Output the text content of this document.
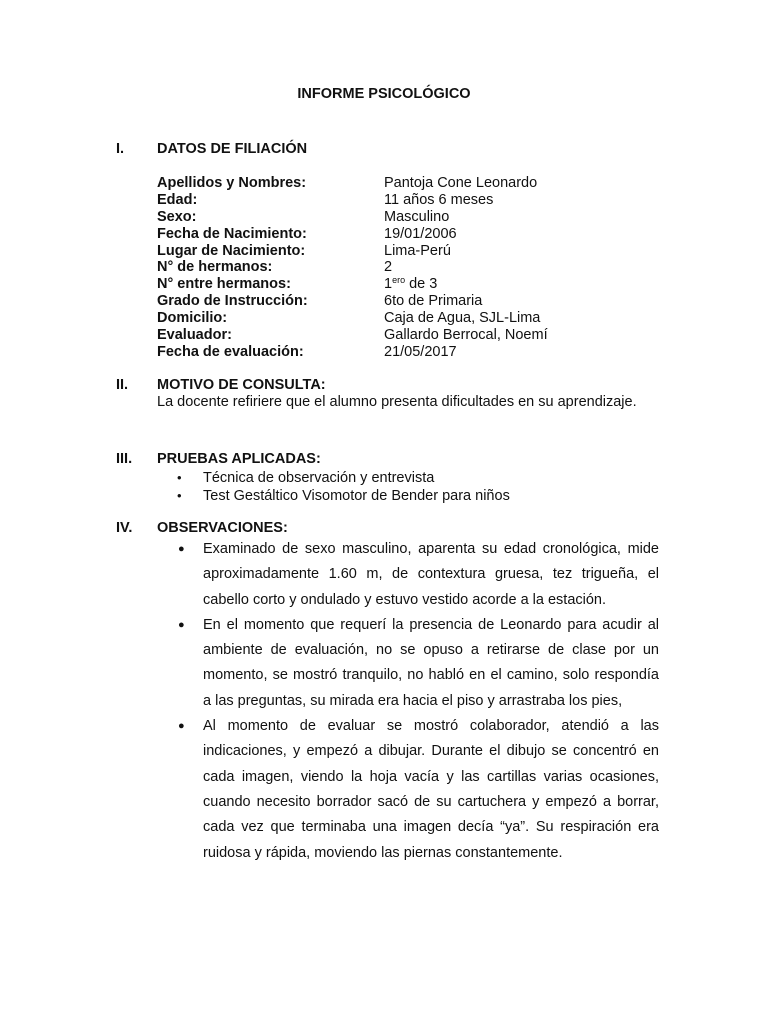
INFORME PSICOLÓGICO
I. DATOS DE FILIACIÓN
Apellidos y Nombres:	Pantoja Cone Leonardo
Edad:	11 años 6 meses
Sexo:	Masculino
Fecha de Nacimiento:	19/01/2006
Lugar de Nacimiento:	Lima-Perú
N° de hermanos:	2
N° entre hermanos:	$1^{ero}$ de 3
Grado de Instrucción:	6to de Primaria
Domicilio:	Caja de Agua, SJL-Lima
Evaluador:	Gallardo Berrocal, Noemí
Fecha de evaluación:	21/05/2017
II. MOTIVO DE CONSULTA:
La docente refiriere que el alumno presenta dificultades en su aprendizaje.
III. PRUEBAS APLICADAS:
• Técnica de observación y entrevista
• Test Gestáltico Visomotor de Bender para niños
IV. OBSERVACIONES:
● Examinado de sexo masculino, aparenta su edad cronológica, mide aproximadamente 1.60 m, de contextura gruesa, tez trigueña, el cabello corto y ondulado y estuvo vestido acorde a la estación.
● En el momento que requerí la presencia de Leonardo para acudir al ambiente de evaluación, no se opuso a retirarse de clase por un momento, se mostró tranquilo, no habló en el camino, solo respondía a las preguntas, su mirada era hacia el piso y arrastraba los pies,
● Al momento de evaluar se mostró colaborador, atendió a las indicaciones, y empezó a dibujar. Durante el dibujo se concentró en cada imagen, viendo la hoja vacía y las cartillas varias ocasiones, cuando necesito borrador sacó de su cartuchera y empezó a borrar, cada vez que terminaba una imagen decía “ya”. Su respiración era ruidosa y rápida, moviendo las piernas constantemente.
